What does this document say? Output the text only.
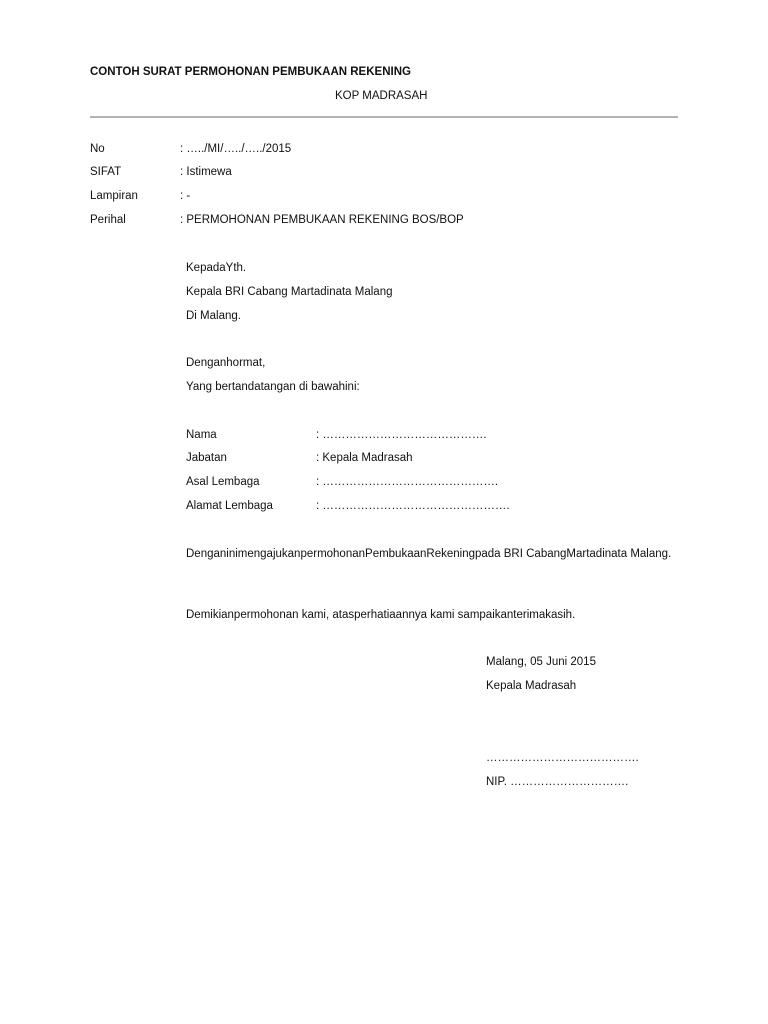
CONTOH SURAT PERMOHONAN PEMBUKAAN REKENING
KOP MADRASAH
No	: …../MI/…../…../2015
SIFAT	: Istimewa
Lampiran	: -
Perihal	: PERMOHONAN PEMBUKAAN REKENING BOS/BOP
KepadaYth.
Kepala BRI Cabang Martadinata Malang
Di Malang.
Denganhormat,
Yang bertandatangan di bawahini:
Nama	: …………………………………….
Jabatan	: Kepala Madrasah
Asal Lembaga	: ……………………………………….
Alamat Lembaga	: ………………………………………….
DenganinimengajukanpermohonanPembukaanRekeningpada BRI CabangMartadinata Malang.
Demikianpermohonan kami, atasperhatiaannya kami sampaikanterimakasih.
Malang, 05 Juni 2015
Kepala Madrasah
………………………………….
NIP. ………………………….
